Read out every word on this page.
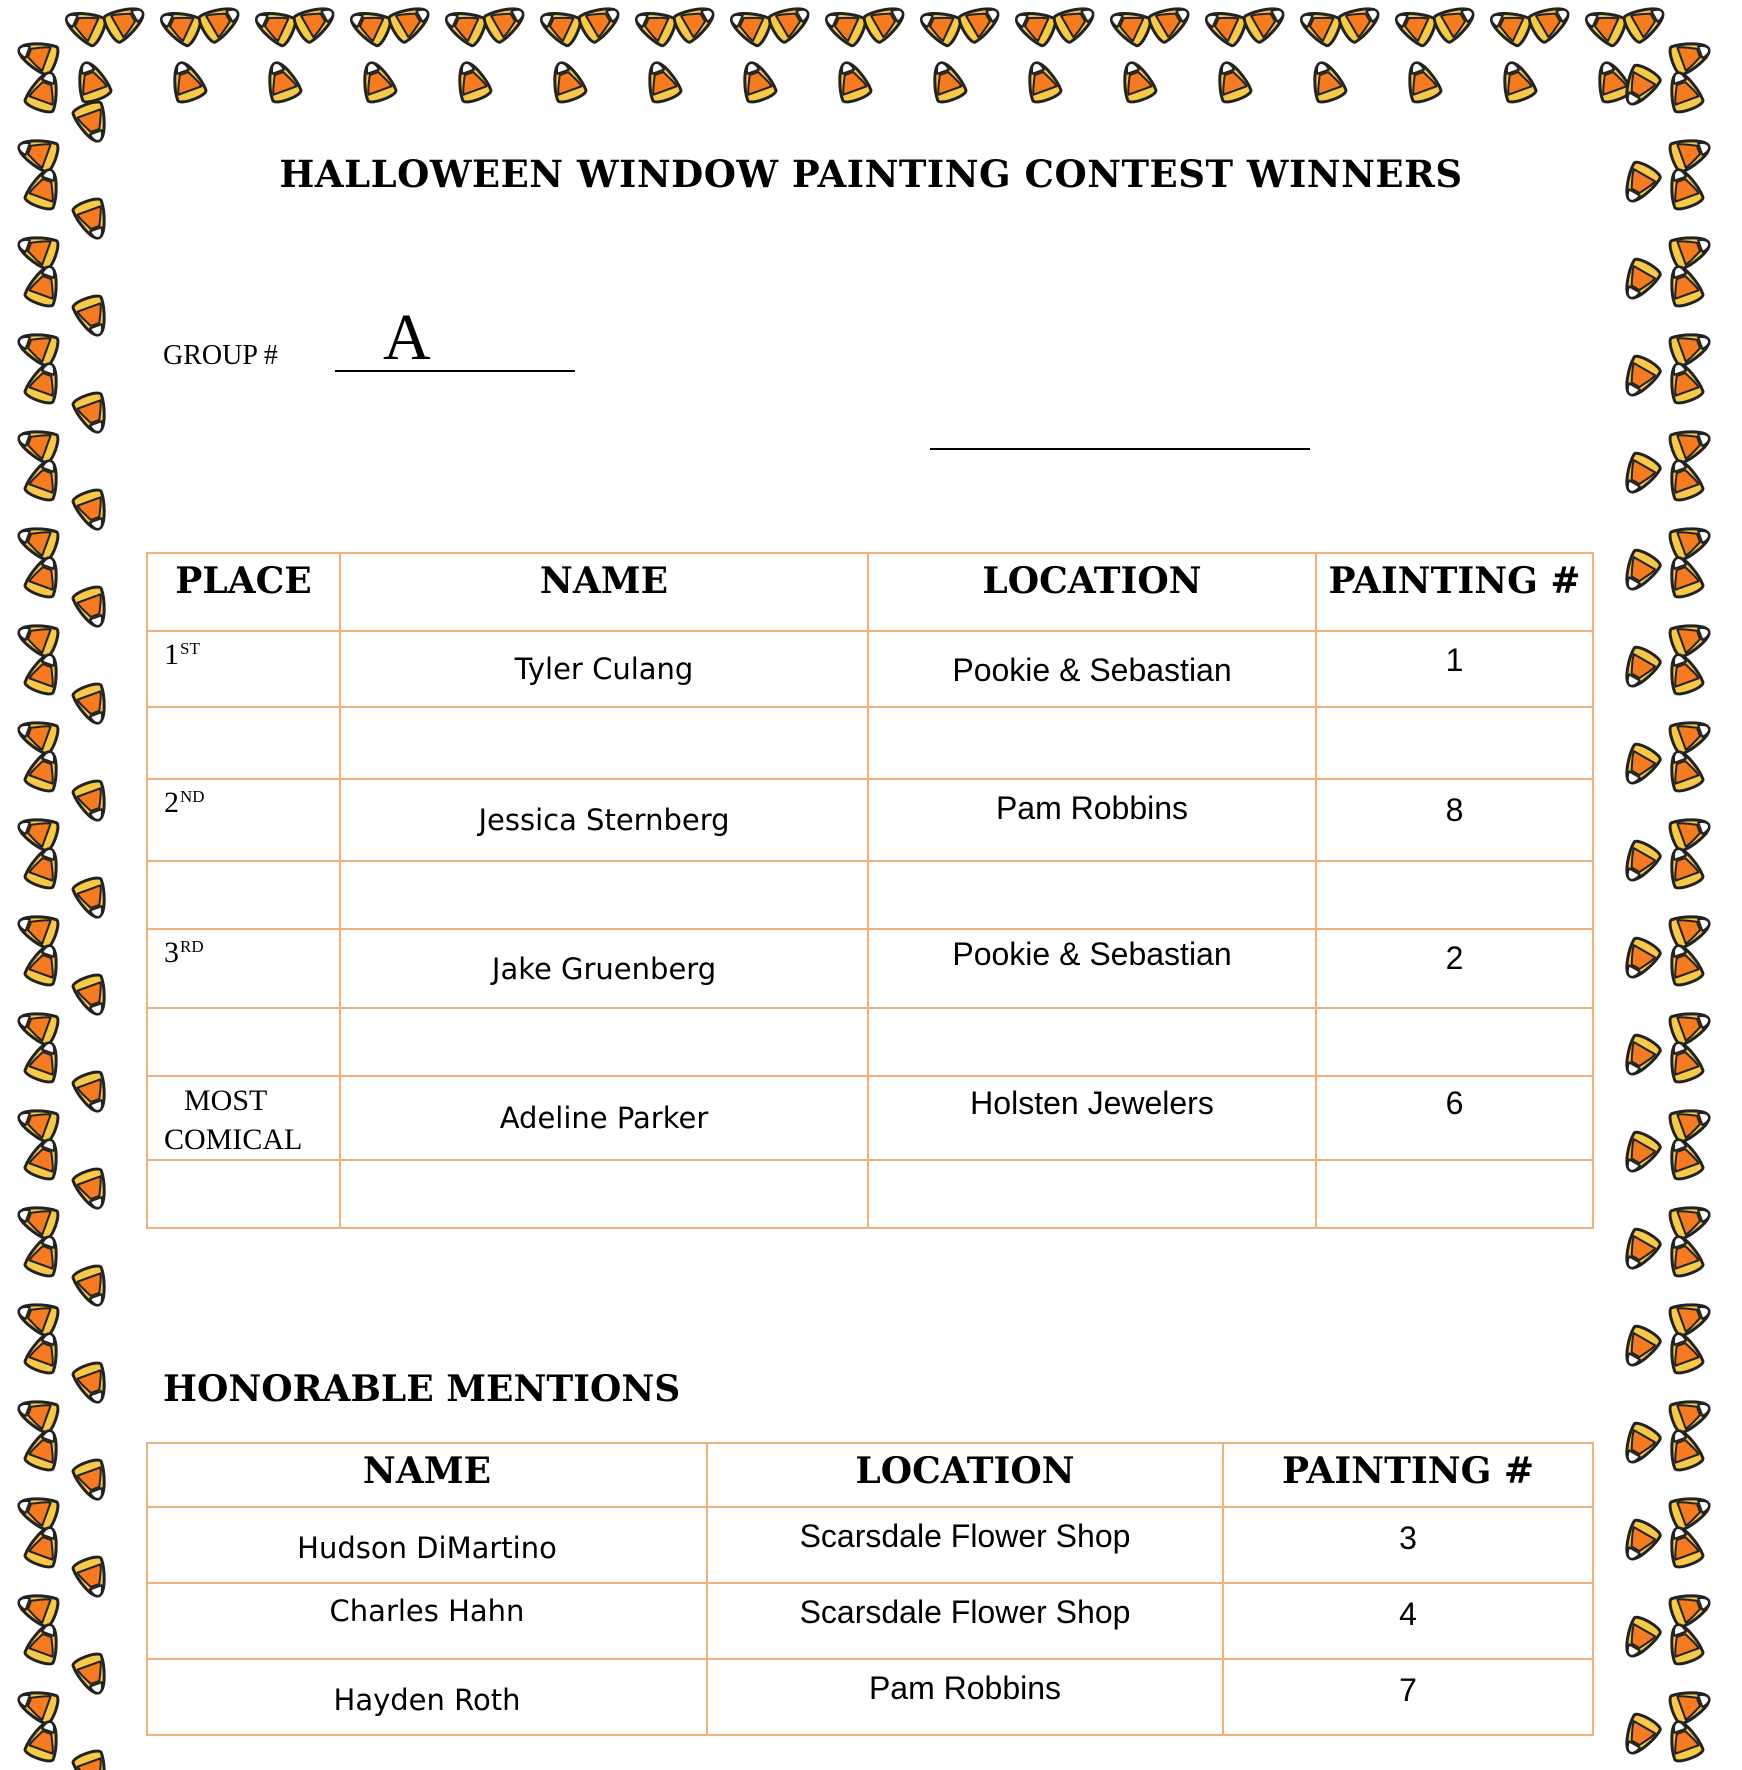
HALLOWEEN WINDOW PAINTING CONTEST WINNERS
GROUP # A
PLACE	NAME	LOCATION	PAINTING #
1ST	Tyler Culang	Pookie & Sebastian	1

2ND	Jessica Sternberg	Pam Robbins	8

3RD	Jake Gruenberg	Pookie & Sebastian	2

MOST
COMICAL	Adeline Parker	Holsten Jewelers	6

HONORABLE MENTIONS
NAME	LOCATION	PAINTING #
Hudson DiMartino	Scarsdale Flower Shop	3
Charles Hahn	Scarsdale Flower Shop	4
Hayden Roth	Pam Robbins	7
